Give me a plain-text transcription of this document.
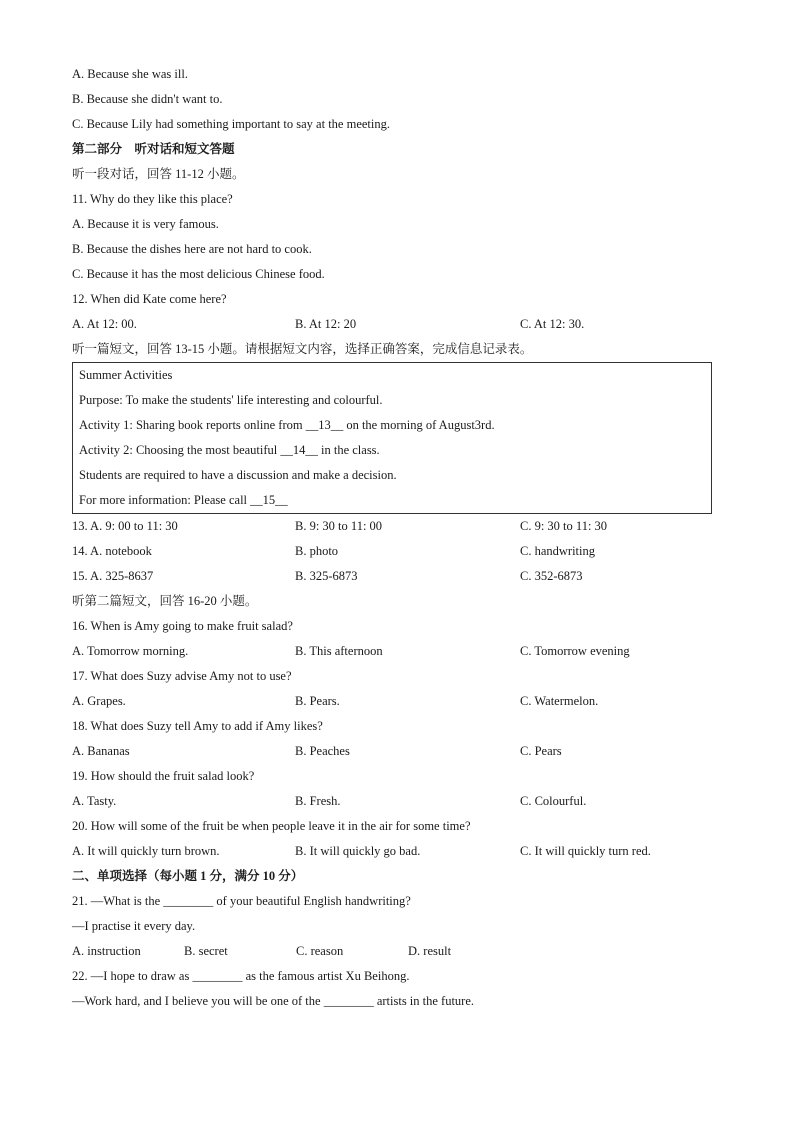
A. Because she was ill.
B. Because she didn't want to.
C. Because Lily had something important to say at the meeting.
第二部分　听对话和短文答题
听一段对话，回答 11-12 小题。
11. Why do they like this place?
A. Because it is very famous.
B. Because the dishes here are not hard to cook.
C. Because it has the most delicious Chinese food.
12. When did Kate come here?
A. At 12: 00.	B. At 12: 20	C. At 12: 30.
听一篇短文，回答 13-15 小题。请根据短文内容，选择正确答案，完成信息记录表。
Summer Activities
Purpose: To make the students' life interesting and colourful.
Activity 1: Sharing book reports online from __13__ on the morning of August3rd.
Activity 2: Choosing the most beautiful __14__ in the class.
Students are required to have a discussion and make a decision.
For more information: Please call __15__
13. A. 9: 00 to 11: 30	B. 9: 30 to 11: 00	C. 9: 30 to 11: 30
14. A. notebook	B. photo	C. handwriting
15. A. 325-8637	B. 325-6873	C. 352-6873
听第二篇短文，回答 16-20 小题。
16. When is Amy going to make fruit salad?
A. Tomorrow morning.	B. This afternoon	C. Tomorrow evening
17. What does Suzy advise Amy not to use?
A. Grapes.	B. Pears.	C. Watermelon.
18. What does Suzy tell Amy to add if Amy likes?
A. Bananas	B. Peaches	C. Pears
19. How should the fruit salad look?
A. Tasty.	B. Fresh.	C. Colourful.
20. How will some of the fruit be when people leave it in the air for some time?
A. It will quickly turn brown.	B. It will quickly go bad.	C. It will quickly turn red.
二、单项选择（每小题 1 分，满分 10 分）
21. —What is the ________ of your beautiful English handwriting?
—I practise it every day.
A. instruction	B. secret	C. reason	D. result
22. —I hope to draw as ________ as the famous artist Xu Beihong.
—Work hard, and I believe you will be one of the ________ artists in the future.
